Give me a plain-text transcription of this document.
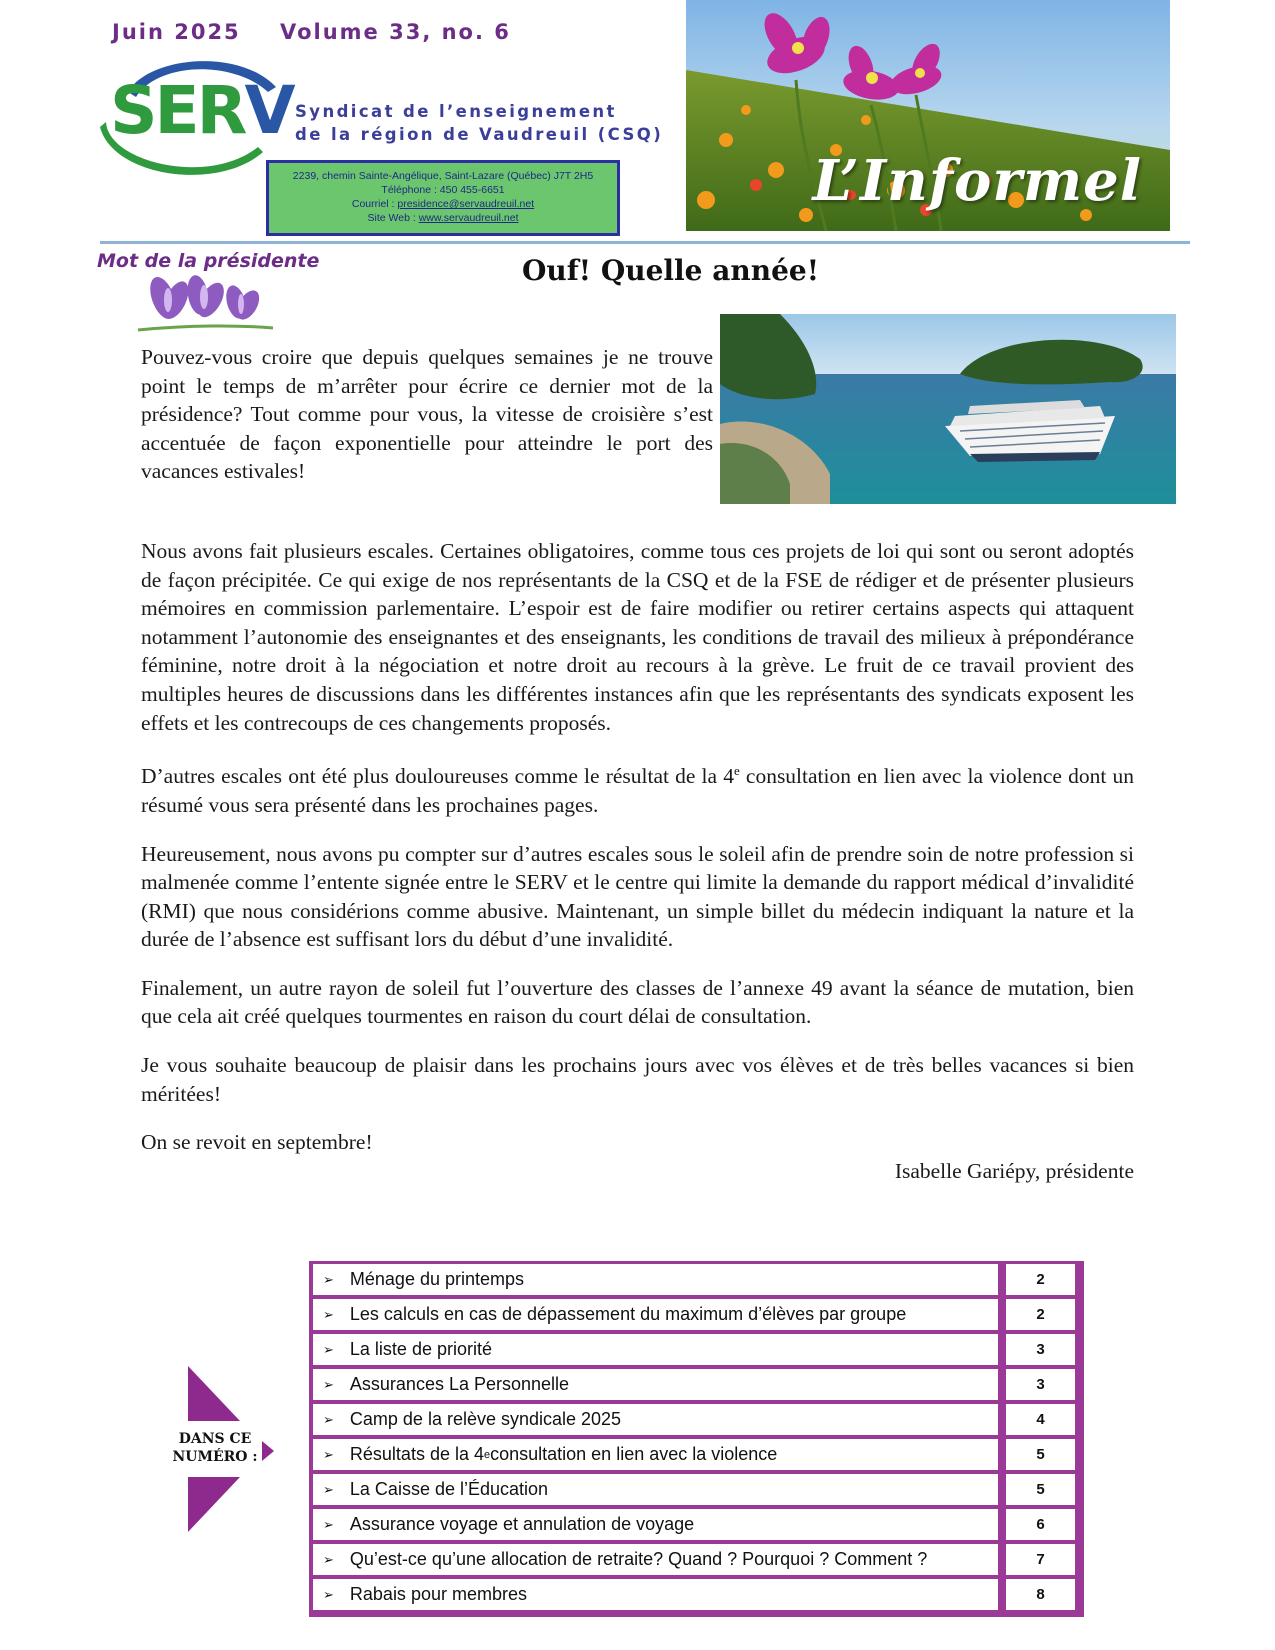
Juin 2025 Volume 33, no. 6
SERV Syndicat de l’enseignement
de la région de Vaudreuil (CSQ)
2239, chemin Sainte-Angélique, Saint-Lazare (Québec) J7T 2H5
Téléphone : 450 455-6651
Courriel : presidence@servaudreuil.net
Site Web : www.servaudreuil.net
L’Informel
Mot de la présidente	Ouf! Quelle année!

Pouvez-vous croire que depuis quelques semaines je ne trouve point le temps de m’arrêter pour écrire ce dernier mot de la présidence? Tout comme pour vous, la vitesse de croisière s’est accentuée de façon exponentielle pour atteindre le port des vacances estivales!

Nous avons fait plusieurs escales. Certaines obligatoires, comme tous ces projets de loi qui sont ou seront adoptés de façon précipitée. Ce qui exige de nos représentants de la CSQ et de la FSE de rédiger et de présenter plusieurs mémoires en commission parlementaire. L’espoir est de faire modifier ou retirer certains aspects qui attaquent notamment l’autonomie des enseignantes et des enseignants, les conditions de travail des milieux à prépondérance féminine, notre droit à la négociation et notre droit au recours à la grève. Le fruit de ce travail provient des multiples heures de discussions dans les différentes instances afin que les représentants des syndicats exposent les effets et les contrecoups de ces changements proposés.

D’autres escales ont été plus douloureuses comme le résultat de la 4e consultation en lien avec la violence dont un résumé vous sera présenté dans les prochaines pages.

Heureusement, nous avons pu compter sur d’autres escales sous le soleil afin de prendre soin de notre profession si malmenée comme l’entente signée entre le SERV et le centre qui limite la demande du rapport médical d’invalidité (RMI) que nous considérions comme abusive. Maintenant, un simple billet du médecin indiquant la nature et la durée de l’absence est suffisant lors du début d’une invalidité.

Finalement, un autre rayon de soleil fut l’ouverture des classes de l’annexe 49 avant la séance de mutation, bien que cela ait créé quelques tourmentes en raison du court délai de consultation.

Je vous souhaite beaucoup de plaisir dans les prochains jours avec vos élèves et de très belles vacances si bien méritées!

On se revoit en septembre!

Isabelle Gariépy, présidente

DANS CE
NUMÉRO :
➢ Ménage du printemps	2
➢ Les calculs en cas de dépassement du maximum d’élèves par groupe	2
➢ La liste de priorité	3
➢ Assurances La Personnelle	3
➢ Camp de la relève syndicale 2025	4
➢ Résultats de la 4 e consultation en lien avec la violence	5
➢ La Caisse de l’Éducation	5
➢ Assurance voyage et annulation de voyage	6
➢ Qu’est-ce qu’une allocation de retraite? Quand ? Pourquoi ? Comment ?	7
➢ Rabais pour membres	8
